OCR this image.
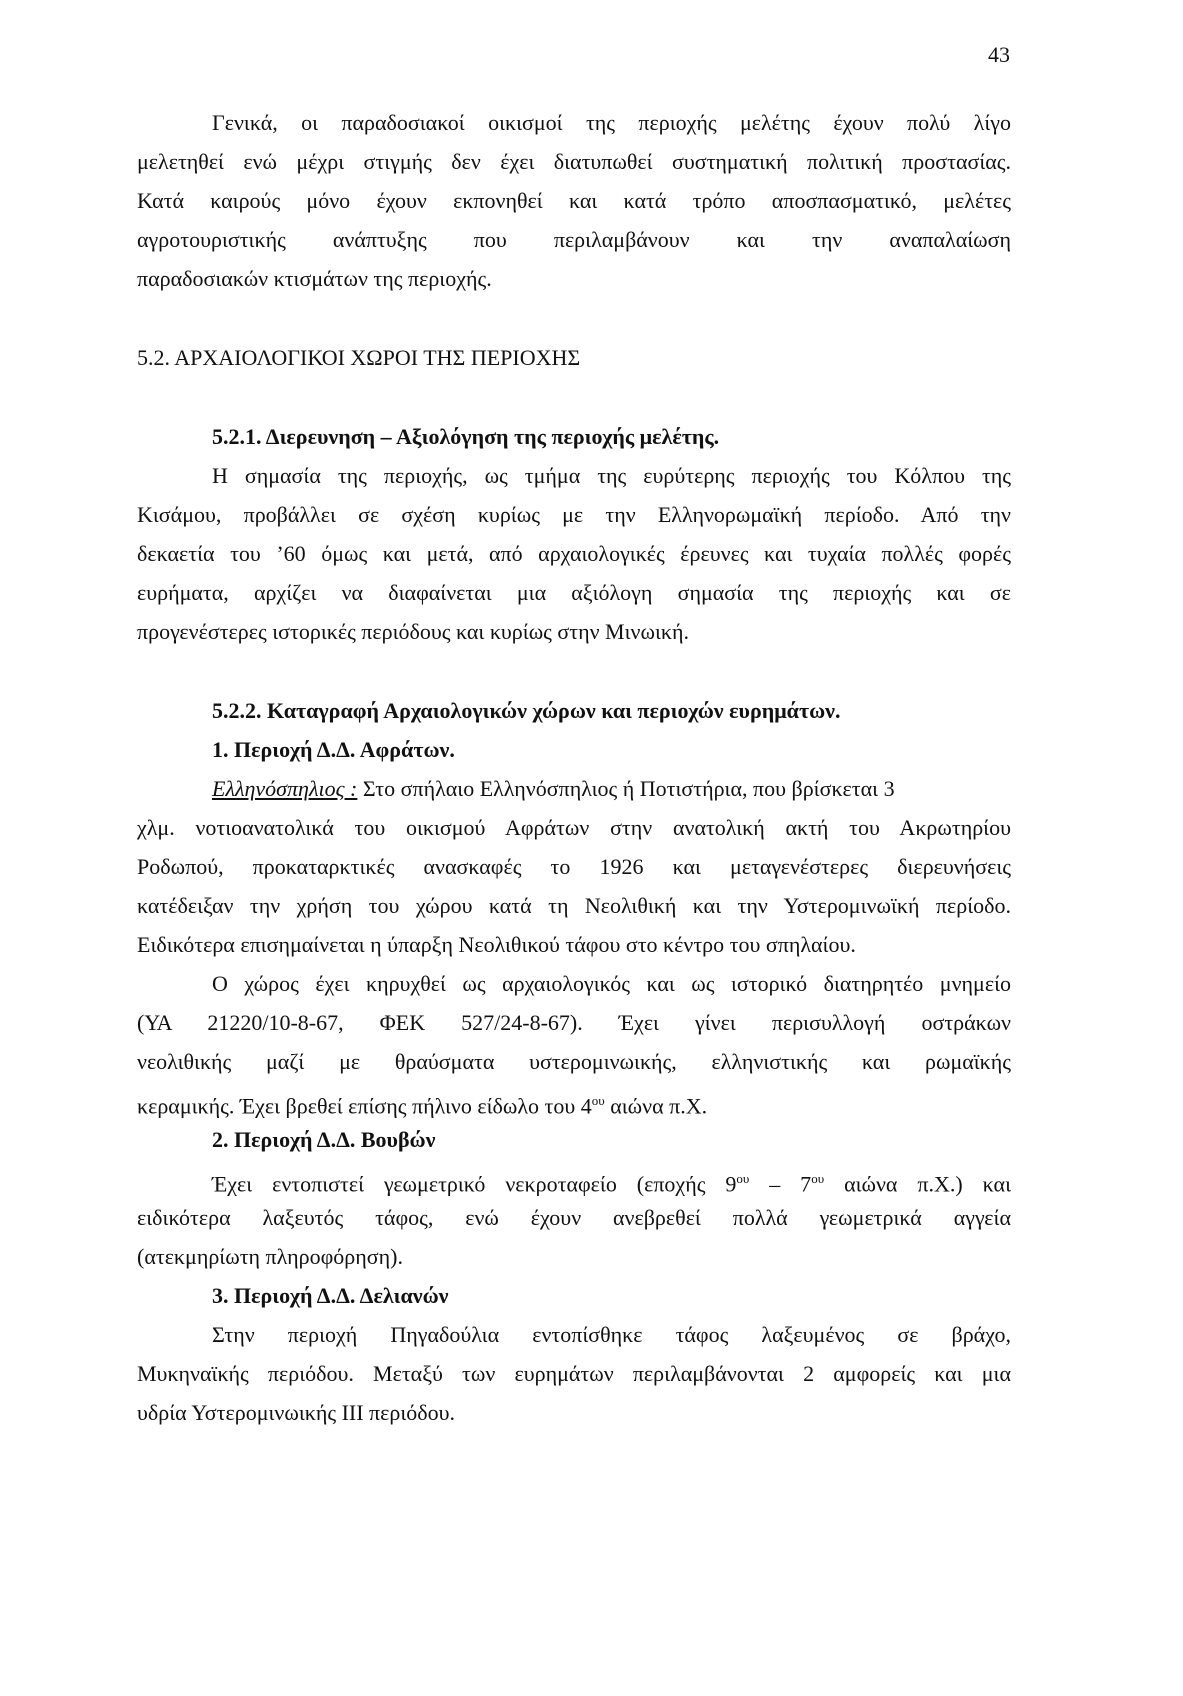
43
Γενικά, οι παραδοσιακοί οικισμοί της περιοχής μελέτης έχουν πολύ λίγο
μελετηθεί ενώ μέχρι στιγμής δεν έχει διατυπωθεί συστηματική πολιτική προστασίας.
Κατά καιρούς μόνο έχουν εκπονηθεί και κατά τρόπο αποσπασματικό, μελέτες
αγροτουριστικής ανάπτυξης που περιλαμβάνουν και την αναπαλαίωση
παραδοσιακών κτισμάτων της περιοχής.
5.2. ΑΡΧΑΙΟΛΟΓΙΚΟΙ ΧΩΡΟΙ ΤΗΣ ΠΕΡΙΟΧΗΣ
5.2.1. Διερευνηση – Αξιολόγηση της περιοχής μελέτης.
Η σημασία της περιοχής, ως τμήμα της ευρύτερης περιοχής του Κόλπου της
Κισάμου, προβάλλει σε σχέση κυρίως με την Ελληνορωμαϊκή περίοδο. Από την
δεκαετία του ’60 όμως και μετά, από αρχαιολογικές έρευνες και τυχαία πολλές φορές
ευρήματα, αρχίζει να διαφαίνεται μια αξιόλογη σημασία της περιοχής και σε
προγενέστερες ιστορικές περιόδους και κυρίως στην Μινωική.
5.2.2. Καταγραφή Αρχαιολογικών χώρων και περιοχών ευρημάτων.
1. Περιοχή Δ.Δ. Αφράτων.
Ελληνόσπηλιος : Στο σπήλαιο Ελληνόσπηλιος ή Ποτιστήρια, που βρίσκεται 3
χλμ. νοτιοανατολικά του οικισμού Αφράτων στην ανατολική ακτή του Ακρωτηρίου
Ροδωπού, προκαταρκτικές ανασκαφές το 1926 και μεταγενέστερες διερευνήσεις
κατέδειξαν την χρήση του χώρου κατά τη Νεολιθική και την Υστερομινωϊκή περίοδο.
Ειδικότερα επισημαίνεται η ύπαρξη Νεολιθικού τάφου στο κέντρο του σπηλαίου.
Ο χώρος έχει κηρυχθεί ως αρχαιολογικός και ως ιστορικό διατηρητέο μνημείο
(ΥΑ 21220/10-8-67, ΦΕΚ 527/24-8-67). Έχει γίνει περισυλλογή οστράκων
νεολιθικής μαζί με θραύσματα υστερομινωικής, ελληνιστικής και ρωμαϊκής
κεραμικής. Έχει βρεθεί επίσης πήλινο είδωλο του $4^{o\upsilon}$ αιώνα π.Χ.
2. Περιοχή Δ.Δ. Βουβών
Έχει εντοπιστεί γεωμετρικό νεκροταφείο (εποχής $9^{o\upsilon} - 7^{o\upsilon}$ αιώνα π.Χ.) και
ειδικότερα λαξευτός τάφος, ενώ έχουν ανεβρεθεί πολλά γεωμετρικά αγγεία
(ατεκμηρίωτη πληροφόρηση).
3. Περιοχή Δ.Δ. Δελιανών
Στην περιοχή Πηγαδούλια εντοπίσθηκε τάφος λαξευμένος σε βράχο,
Μυκηναϊκής περιόδου. Μεταξύ των ευρημάτων περιλαμβάνονται 2 αμφορείς και μια
υδρία Υστερομινωικής ΙΙΙ περιόδου.
